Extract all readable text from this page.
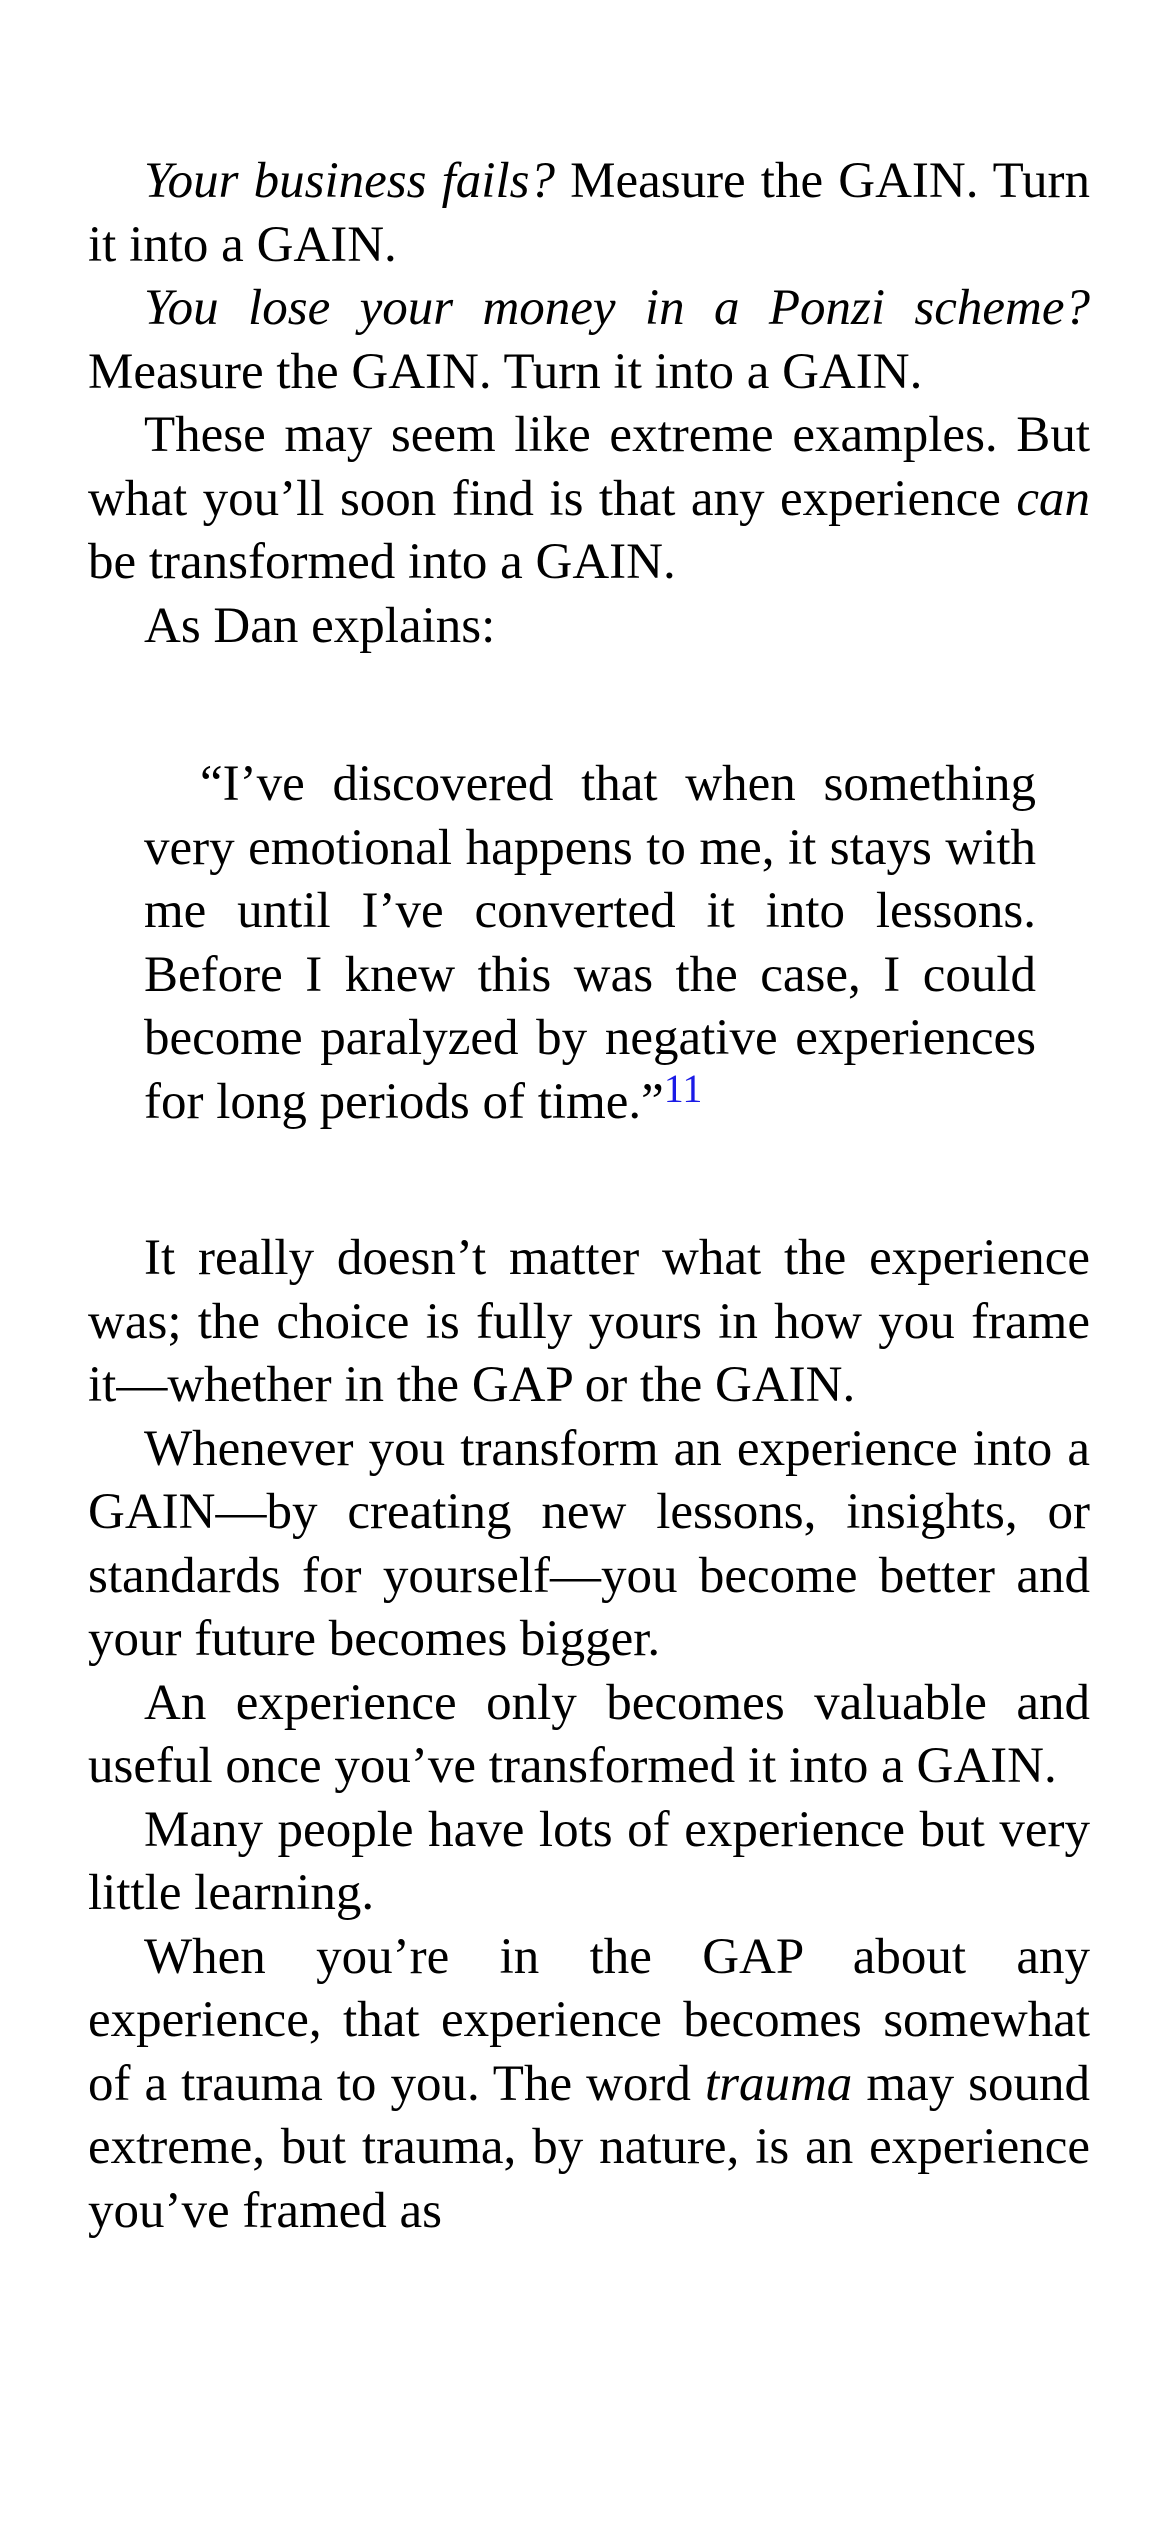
Your business fails? Measure the GAIN. Turn it into a GAIN.

You lose your money in a Ponzi scheme? Measure the GAIN. Turn it into a GAIN.

These may seem like extreme examples. But what you’ll soon find is that any experience can be transformed into a GAIN.

As Dan explains:

“I’ve discovered that when something very emotional happens to me, it stays with me until I’ve converted it into lessons. Before I knew this was the case, I could become paralyzed by negative experiences for long periods of time.”$^{11}$

It really doesn’t matter what the experience was; the choice is fully yours in how you frame it—whether in the GAP or the GAIN.

Whenever you transform an experience into a GAIN—by creating new lessons, insights, or standards for yourself—you become better and your future becomes bigger.

An experience only becomes valuable and useful once you’ve transformed it into a GAIN.

Many people have lots of experience but very little learning.

When you’re in the GAP about any experience, that experience becomes somewhat of a trauma to you. The word trauma may sound extreme, but trauma, by nature, is an experience you’ve framed as
